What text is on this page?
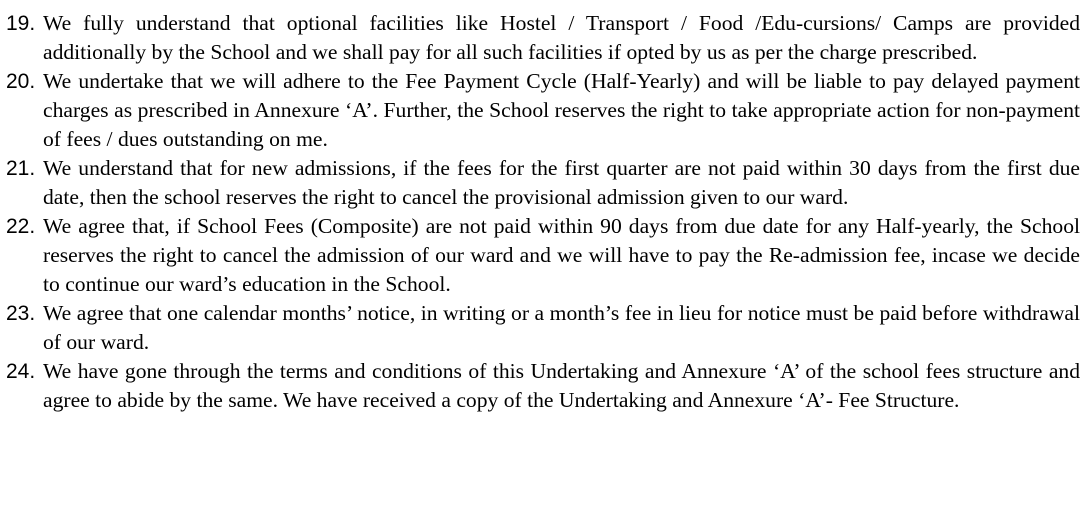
19. We fully understand that optional facilities like Hostel / Transport / Food /Edu-cursions/ Camps are provided additionally by the School and we shall pay for all such facilities if opted by us as per the charge prescribed.
20. We undertake that we will adhere to the Fee Payment Cycle (Half-Yearly) and will be liable to pay delayed payment charges as prescribed in Annexure ‘A’. Further, the School reserves the right to take appropriate action for non-payment of fees / dues outstanding on me.
21. We understand that for new admissions, if the fees for the first quarter are not paid within 30 days from the first due date, then the school reserves the right to cancel the provisional admission given to our ward.
22. We agree that, if School Fees (Composite) are not paid within 90 days from due date for any Half-yearly, the School reserves the right to cancel the admission of our ward and we will have to pay the Re-admission fee, incase we decide to continue our ward’s education in the School.
23. We agree that one calendar months’ notice, in writing or a month’s fee in lieu for notice must be paid before withdrawal of our ward.
24. We have gone through the terms and conditions of this Undertaking and Annexure ‘A’ of the school fees structure and agree to abide by the same. We have received a copy of the Undertaking and Annexure ‘A’- Fee Structure.
